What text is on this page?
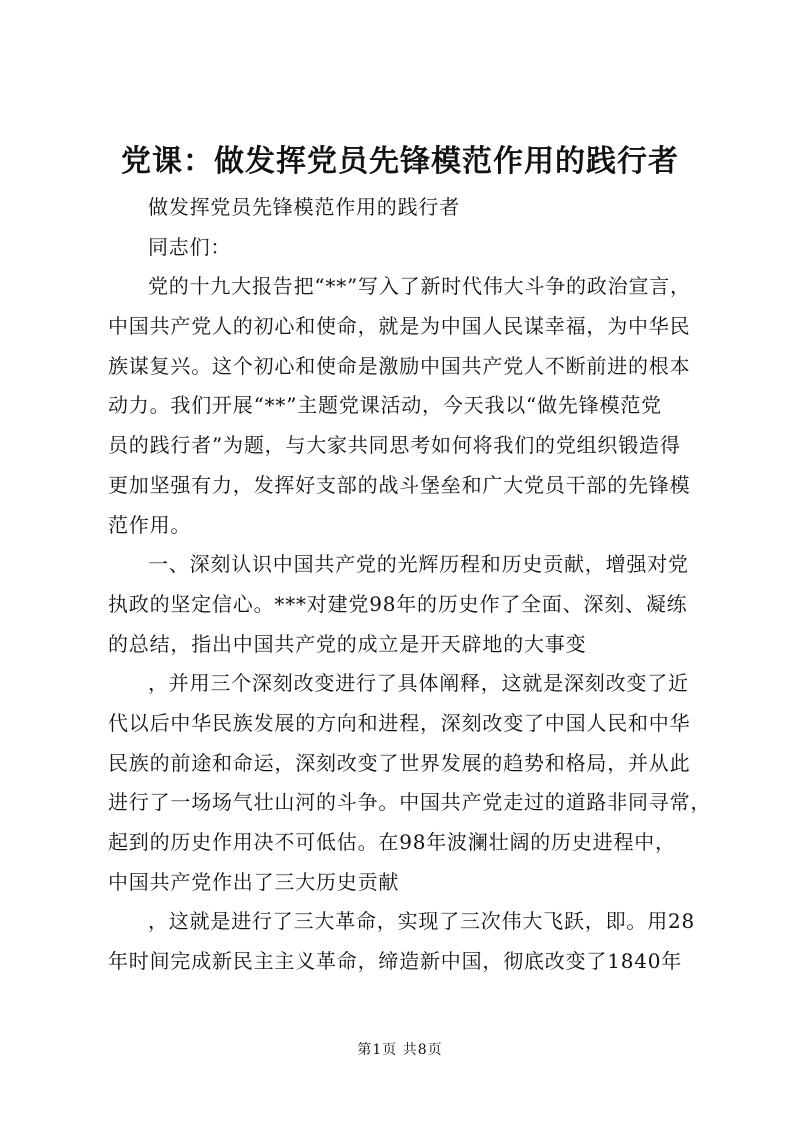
党课：做发挥党员先锋模范作用的践行者
做发挥党员先锋模范作用的践行者
同志们：
党的十九大报告把“**”写入了新时代伟大斗争的政治宣言，
中国共产党人的初心和使命，就是为中国人民谋幸福，为中华民
族谋复兴。这个初心和使命是激励中国共产党人不断前进的根本
动力。我们开展“**”主题党课活动，今天我以“做先锋模范党
员的践行者”为题，与大家共同思考如何将我们的党组织锻造得
更加坚强有力，发挥好支部的战斗堡垒和广大党员干部的先锋模
范作用。
一、深刻认识中国共产党的光辉历程和历史贡献，增强对党
执政的坚定信心。***对建党98年的历史作了全面、深刻、凝练
的总结，指出中国共产党的成立是开天辟地的大事变
，并用三个深刻改变进行了具体阐释，这就是深刻改变了近
代以后中华民族发展的方向和进程，深刻改变了中国人民和中华
民族的前途和命运，深刻改变了世界发展的趋势和格局，并从此
进行了一场场气壮山河的斗争。中国共产党走过的道路非同寻常，
起到的历史作用决不可低估。在98年波澜壮阔的历史进程中，
中国共产党作出了三大历史贡献
，这就是进行了三大革命，实现了三次伟大飞跃，即。用28
年时间完成新民主主义革命，缔造新中国，彻底改变了1840年
第1页 共8页
